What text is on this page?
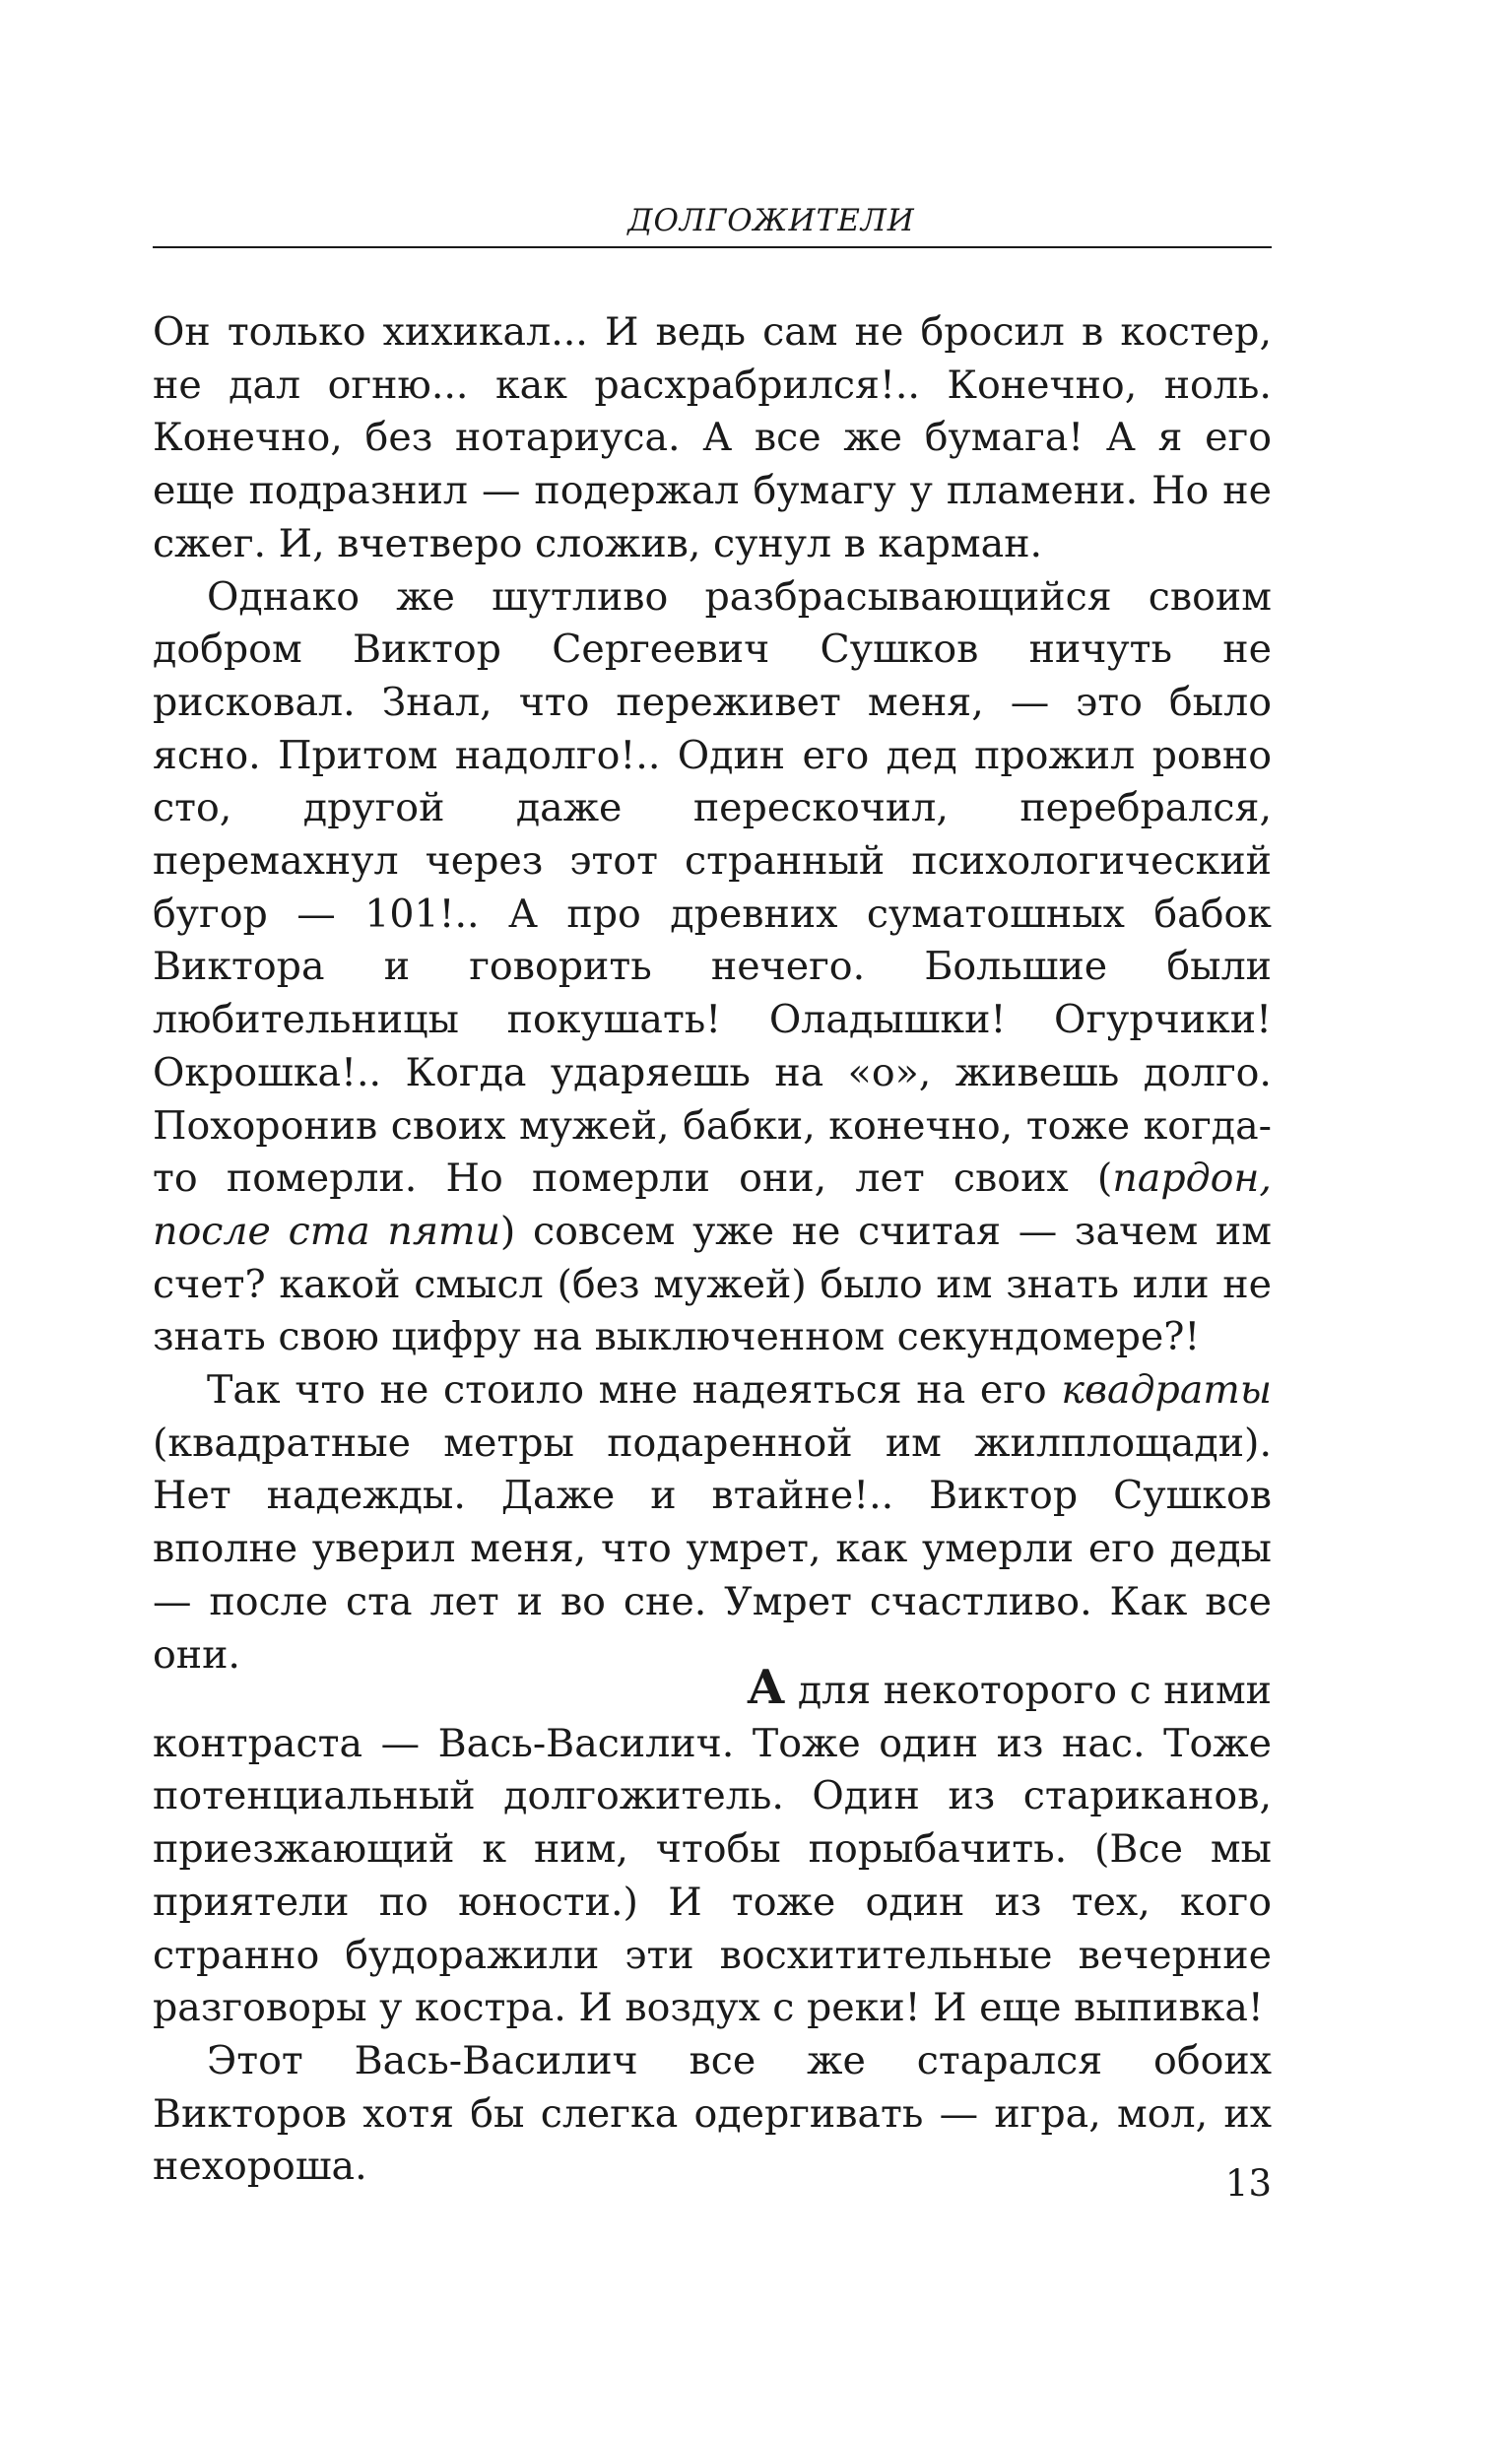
ДОЛГОЖИТЕЛИ

Он только хихикал... И ведь сам не бросил в костер, не дал огню... как расхрабрился!.. Конечно, ноль. Конечно, без нотариуса. А все же бумага! А я его еще подразнил — подержал бумагу у пламени. Но не сжег. И, вчетверо сложив, сунул в карман.

Однако же шутливо разбрасывающийся своим добром Виктор Сергеевич Сушков ничуть не рисковал. Знал, что переживет меня, — это было ясно. Притом надолго!.. Один его дед прожил ровно сто, другой даже перескочил, перебрался, перемахнул через этот странный психологический бугор — 101!.. А про древних суматошных бабок Виктора и говорить нечего. Большие были любительницы покушать! Оладышки! Огурчики! Окрошка!.. Когда ударяешь на «о», живешь долго. Похоронив своих мужей, бабки, конечно, тоже когда-то померли. Но померли они, лет своих (пардон, после ста пяти) совсем уже не считая — зачем им счет? какой смысл (без мужей) было им знать или не знать свою цифру на выключенном секундомере?!

Так что не стоило мне надеяться на его квадраты (квадратные метры подаренной им жилплощади). Нет надежды. Даже и втайне!.. Виктор Сушков вполне уверил меня, что умрет, как умерли его деды — после ста лет и во сне. Умрет счастливо. Как все они.

А для некоторого с ними
контраста — Вась-Василич. Тоже один из нас. Тоже потенциальный долгожитель. Один из стариканов, приезжающий к ним, чтобы порыбачить. (Все мы приятели по юности.) И тоже один из тех, кого странно будоражили эти восхитительные вечерние разговоры у костра. И воздух с реки! И еще выпивка!

Этот Вась-Василич все же старался обоих Викторов хотя бы слегка одергивать — игра, мол, их нехороша.	13
